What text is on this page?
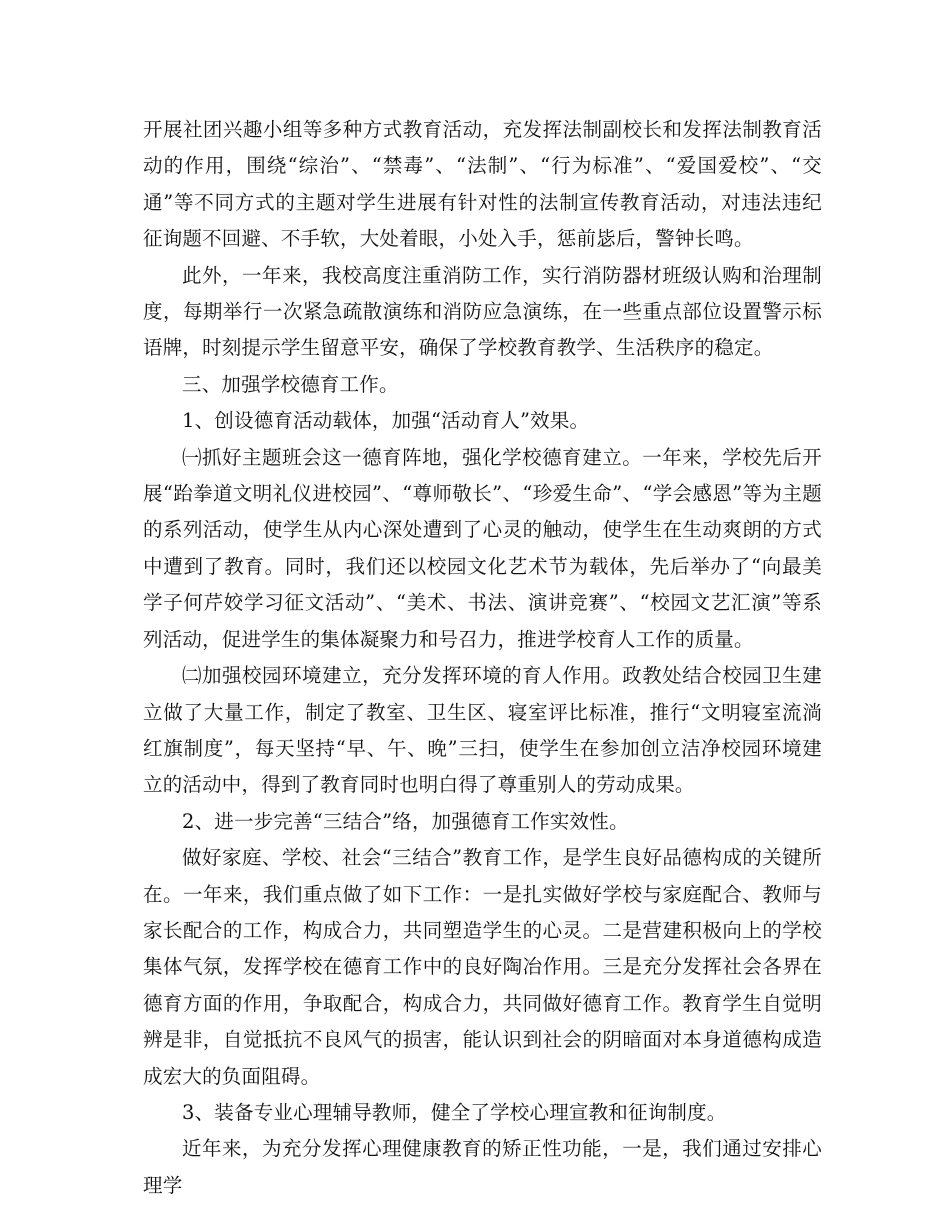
开展社团兴趣小组等多种方式教育活动，充发挥法制副校长和发挥法制教育活动的作用，围绕“综治”、“禁毒”、“法制”、“行为标准”、“爱国爱校”、“交通”等不同方式的主题对学生进展有针对性的法制宣传教育活动，对违法违纪征询题不回避、不手软，大处着眼，小处入手，惩前毖后，警钟长鸣。

此外，一年来，我校高度注重消防工作，实行消防器材班级认购和治理制度，每期举行一次紧急疏散演练和消防应急演练，在一些重点部位设置警示标语牌，时刻提示学生留意平安，确保了学校教育教学、生活秩序的稳定。

三、加强学校德育工作。

1、创设德育活动载体，加强“活动育人”效果。

㈠抓好主题班会这一德育阵地，强化学校德育建立。一年来，学校先后开展“跆拳道文明礼仪进校园”、“尊师敬长”、“珍爱生命”、“学会感恩”等为主题的系列活动，使学生从内心深处遭到了心灵的触动，使学生在生动爽朗的方式中遭到了教育。同时，我们还以校园文化艺术节为载体，先后举办了“向最美学子何芹姣学习征文活动”、“美术、书法、演讲竞赛”、“校园文艺汇演”等系列活动，促进学生的集体凝聚力和号召力，推进学校育人工作的质量。

㈡加强校园环境建立，充分发挥环境的育人作用。政教处结合校园卫生建立做了大量工作，制定了教室、卫生区、寝室评比标准，推行“文明寝室流淌红旗制度”，每天坚持“早、午、晚”三扫，使学生在参加创立洁净校园环境建立的活动中，得到了教育同时也明白得了尊重别人的劳动成果。

2、进一步完善“三结合”络，加强德育工作实效性。

做好家庭、学校、社会“三结合”教育工作，是学生良好品德构成的关键所在。一年来，我们重点做了如下工作：一是扎实做好学校与家庭配合、教师与家长配合的工作，构成合力，共同塑造学生的心灵。二是营建积极向上的学校集体气氛，发挥学校在德育工作中的良好陶冶作用。三是充分发挥社会各界在德育方面的作用，争取配合，构成合力，共同做好德育工作。教育学生自觉明辨是非，自觉抵抗不良风气的损害，能认识到社会的阴暗面对本身道德构成造成宏大的负面阻碍。

3、装备专业心理辅导教师，健全了学校心理宣教和征询制度。

近年来，为充分发挥心理健康教育的矫正性功能，一是，我们通过安排心理学
